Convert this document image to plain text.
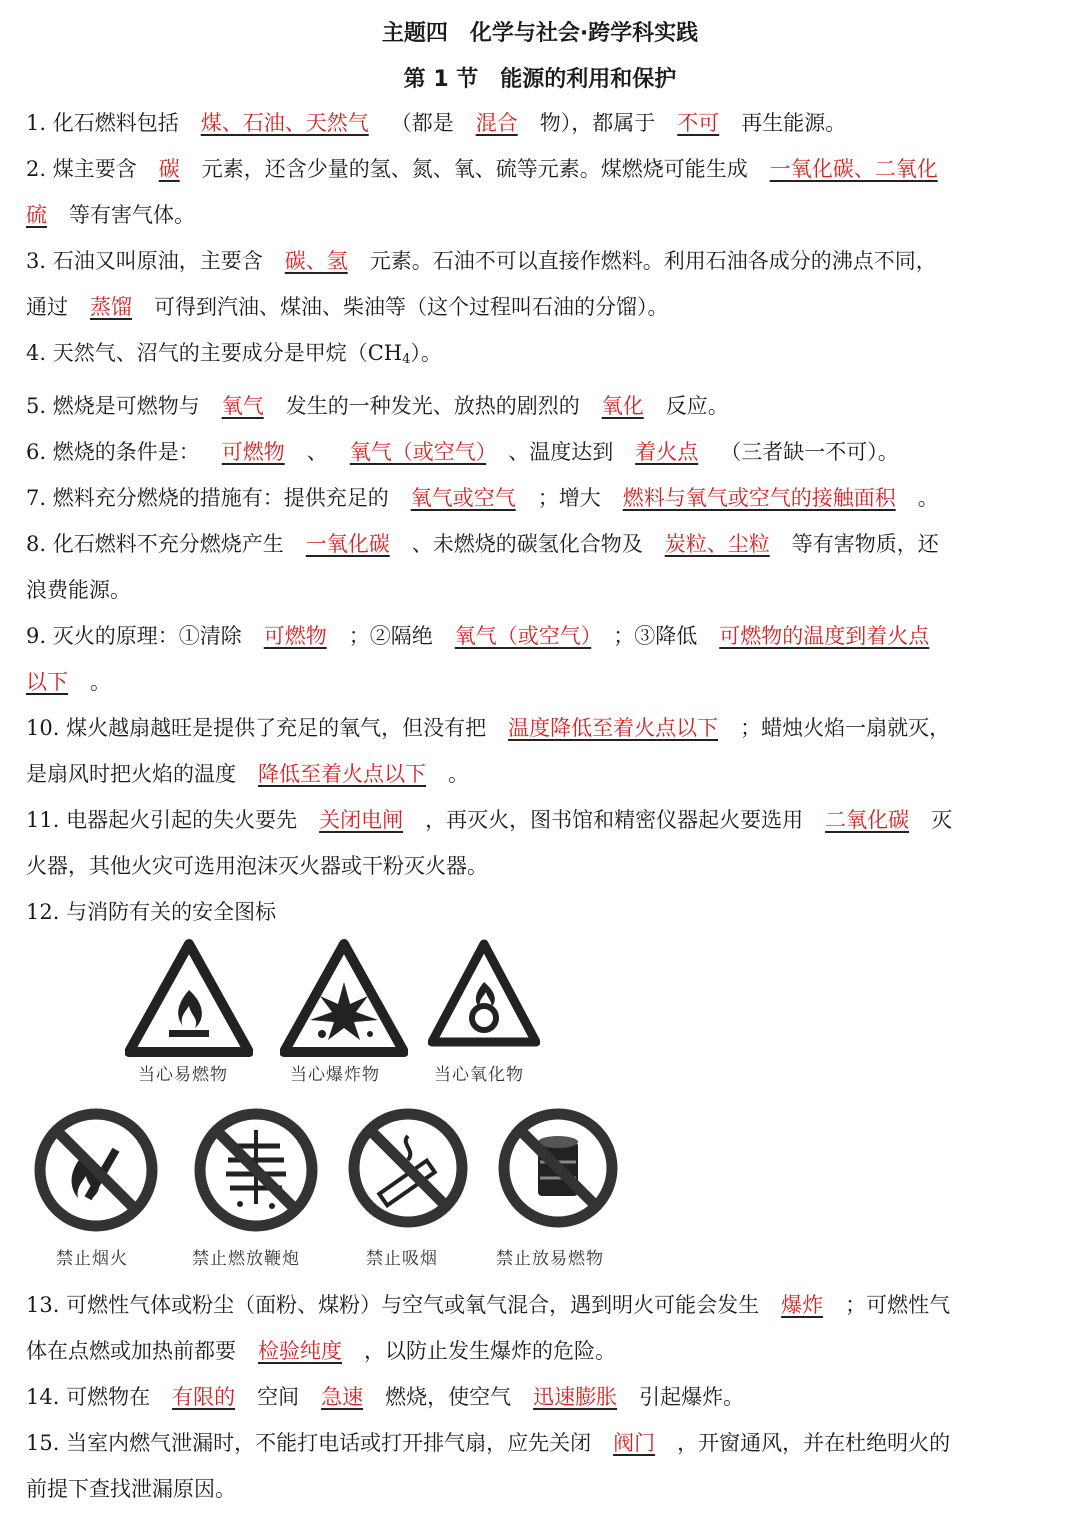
主题四　化学与社会·跨学科实践
第 1 节　能源的利用和保护

1. 化石燃料包括 煤、石油、天然气 （都是 混合 物），都属于 不可 再生能源。

2. 煤主要含 碳 元素，还含少量的氢、氮、氧、硫等元素。煤燃烧可能生成 一氧化碳、二氧化
硫 等有害气体。

3. 石油又叫原油，主要含 碳、氢 元素。石油不可以直接作燃料。利用石油各成分的沸点不同，
通过 蒸馏 可得到汽油、煤油、柴油等（这个过程叫石油的分馏）。

4. 天然气、沼气的主要成分是甲烷$(CH_4)$。

5. 燃烧是可燃物与 氧气 发生的一种发光、放热的剧烈的 氧化 反应。

6. 燃烧的条件是： 可燃物 、 氧气（或空气） 、温度达到 着火点 （三者缺一不可）。

7. 燃料充分燃烧的措施有：提供充足的 氧气或空气 ；增大 燃料与氧气或空气的接触面积 。

8. 化石燃料不充分燃烧产生 一氧化碳 、未燃烧的碳氢化合物及 炭粒、尘粒 等有害物质，还
浪费能源。

9. 灭火的原理：①清除 可燃物 ；②隔绝 氧气（或空气） ；③降低 可燃物的温度到着火点
以下 。

10. 煤火越扇越旺是提供了充足的氧气，但没有把 温度降低至着火点以下 ；蜡烛火焰一扇就灭，
是扇风时把火焰的温度 降低至着火点以下 。

11. 电器起火引起的失火要先 关闭电闸 ，再灭火，图书馆和精密仪器起火要选用 二氧化碳 灭
火器，其他火灾可选用泡沫灭火器或干粉灭火器。

12. 与消防有关的安全图标

当心易燃物	当心爆炸物	当心氧化物
禁止烟火	禁止燃放鞭炮	禁止吸烟	禁止放易燃物

13. 可燃性气体或粉尘（面粉、煤粉）与空气或氧气混合，遇到明火可能会发生 爆炸 ；可燃性气
体在点燃或加热前都要 检验纯度 ，以防止发生爆炸的危险。

14. 可燃物在 有限的 空间 急速 燃烧，使空气 迅速膨胀 引起爆炸。

15. 当室内燃气泄漏时，不能打电话或打开排气扇，应先关闭 阀门 ，开窗通风，并在杜绝明火的
前提下查找泄漏原因。
